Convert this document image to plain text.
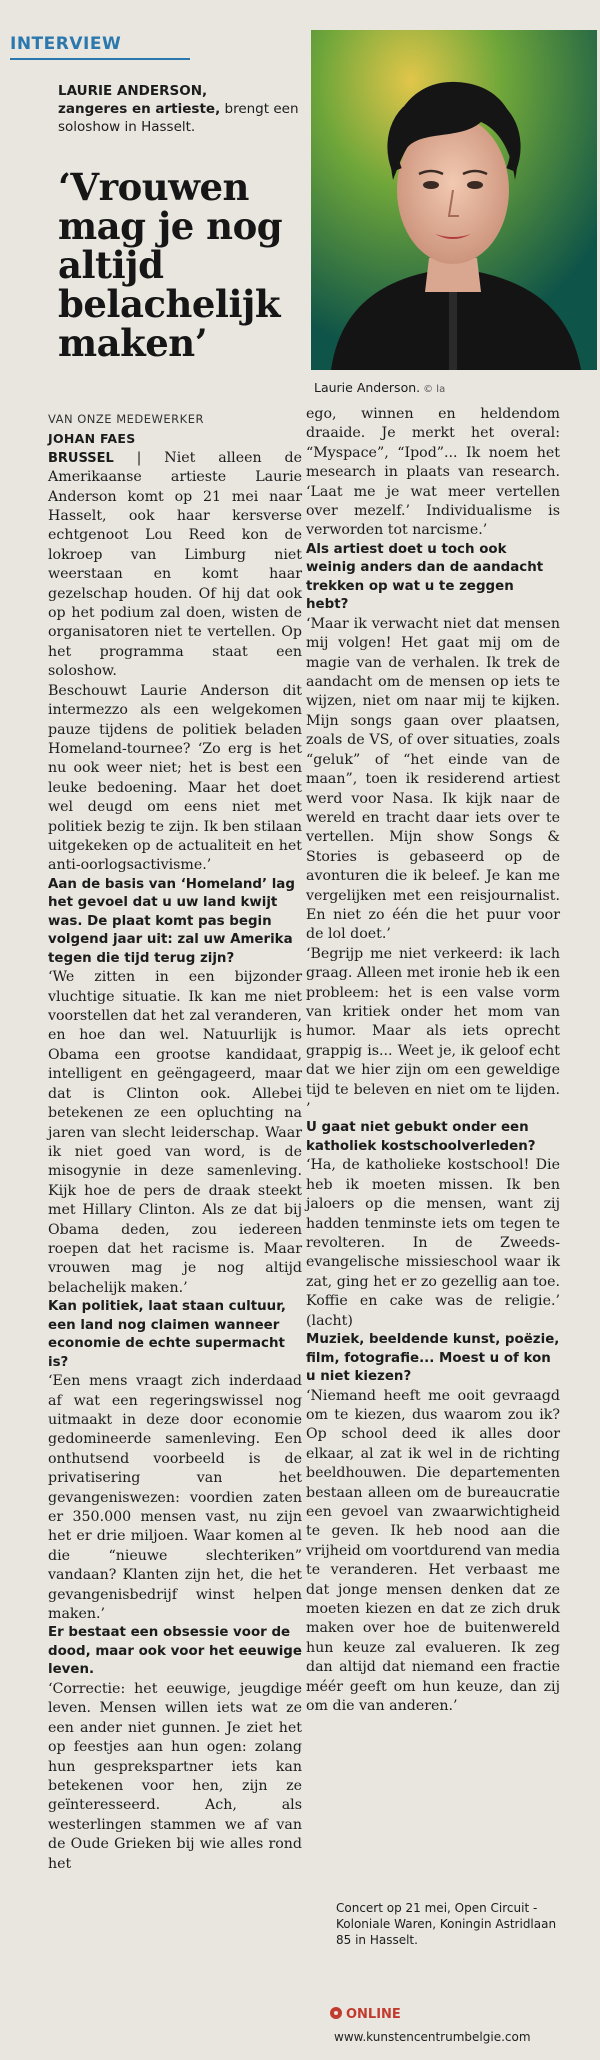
INTERVIEW
LAURIE ANDERSON,
zangeres en artieste, brengt een soloshow in Hasselt.
‘Vrouwen mag je nog altijd belachelijk maken’
Laurie Anderson. © la
VAN ONZE MEDEWERKER
JOHAN FAES

BRUSSEL | Niet alleen de Amerikaanse artieste Laurie Anderson komt op 21 mei naar Hasselt, ook haar kersverse echtgenoot Lou Reed kon de lokroep van Limburg niet weerstaan en komt haar gezelschap houden. Of hij dat ook op het podium zal doen, wisten de organisatoren niet te vertellen. Op het programma staat een soloshow.

Beschouwt Laurie Anderson dit intermezzo als een welgekomen pauze tijdens de politiek beladen Homeland-tournee? ‘Zo erg is het nu ook weer niet; het is best een leuke bedoening. Maar het doet wel deugd om eens niet met politiek bezig te zijn. Ik ben stilaan uitgekeken op de actualiteit en het anti-oorlogsactivisme.’

Aan de basis van ‘Homeland’ lag het gevoel dat u uw land kwijt was. De plaat komt pas begin volgend jaar uit: zal uw Amerika tegen die tijd terug zijn?

‘We zitten in een bijzonder vluchtige situatie. Ik kan me niet voorstellen dat het zal veranderen, en hoe dan wel. Natuurlijk is Obama een grootse kandidaat, intelligent en geëngageerd, maar dat is Clinton ook. Allebei betekenen ze een opluchting na jaren van slecht leiderschap. Waar ik niet goed van word, is de misogynie in deze samenleving. Kijk hoe de pers de draak steekt met Hillary Clinton. Als ze dat bij Obama deden, zou iedereen roepen dat het racisme is. Maar vrouwen mag je nog altijd belachelijk maken.’

Kan politiek, laat staan cultuur, een land nog claimen wanneer economie de echte supermacht is?

‘Een mens vraagt zich inderdaad af wat een regeringswissel nog uitmaakt in deze door economie gedomineerde samenleving. Een onthutsend voorbeeld is de privatisering van het gevangeniswezen: voordien zaten er 350.000 mensen vast, nu zijn het er drie miljoen. Waar komen al die “nieuwe slechteriken” vandaan? Klanten zijn het, die het gevangenisbedrijf winst helpen maken.’

Er bestaat een obsessie voor de dood, maar ook voor het eeuwige leven.

‘Correctie: het eeuwige, jeugdige leven. Mensen willen iets wat ze een ander niet gunnen. Je ziet het op feestjes aan hun ogen: zolang hun gesprekspartner iets kan betekenen voor hen, zijn ze geïnteresseerd. Ach, als westerlingen stammen we af van de Oude Grieken bij wie alles rond het

ego, winnen en heldendom draaide. Je merkt het overal: “Myspace”, “Ipod”... Ik noem het mesearch in plaats van research. ‘Laat me je wat meer vertellen over mezelf.’ Individualisme is verworden tot narcisme.’

Als artiest doet u toch ook weinig anders dan de aandacht trekken op wat u te zeggen hebt?

‘Maar ik verwacht niet dat mensen mij volgen! Het gaat mij om de magie van de verhalen. Ik trek de aandacht om de mensen op iets te wijzen, niet om naar mij te kijken. Mijn songs gaan over plaatsen, zoals de VS, of over situaties, zoals “geluk” of “het einde van de maan”, toen ik residerend artiest werd voor Nasa. Ik kijk naar de wereld en tracht daar iets over te vertellen. Mijn show Songs & Stories is gebaseerd op de avonturen die ik beleef. Je kan me vergelijken met een reisjournalist. En niet zo één die het puur voor de lol doet.’

‘Begrijp me niet verkeerd: ik lach graag. Alleen met ironie heb ik een probleem: het is een valse vorm van kritiek onder het mom van humor. Maar als iets oprecht grappig is... Weet je, ik geloof echt dat we hier zijn om een geweldige tijd te beleven en niet om te lijden. ’

U gaat niet gebukt onder een katholiek kostschoolverleden?

‘Ha, de katholieke kostschool! Die heb ik moeten missen. Ik ben jaloers op die mensen, want zij hadden tenminste iets om tegen te revolteren. In de Zweeds-evangelische missieschool waar ik zat, ging het er zo gezellig aan toe. Koffie en cake was de religie.’ (lacht)

Muziek, beeldende kunst, poëzie, film, fotografie... Moest u of kon u niet kiezen?

‘Niemand heeft me ooit gevraagd om te kiezen, dus waarom zou ik? Op school deed ik alles door elkaar, al zat ik wel in de richting beeldhouwen. Die departementen bestaan alleen om de bureaucratie een gevoel van zwaarwichtigheid te geven. Ik heb nood aan die vrijheid om voortdurend van media te veranderen. Het verbaast me dat jonge mensen denken dat ze moeten kiezen en dat ze zich druk maken over hoe de buitenwereld hun keuze zal evalueren. Ik zeg dan altijd dat niemand een fractie méér geeft om hun keuze, dan zij om die van anderen.’

Concert op 21 mei, Open Circuit - Koloniale Waren, Koningin Astridlaan 85 in Hasselt.
ONLINE
www.kunstencentrumbelgie.com
